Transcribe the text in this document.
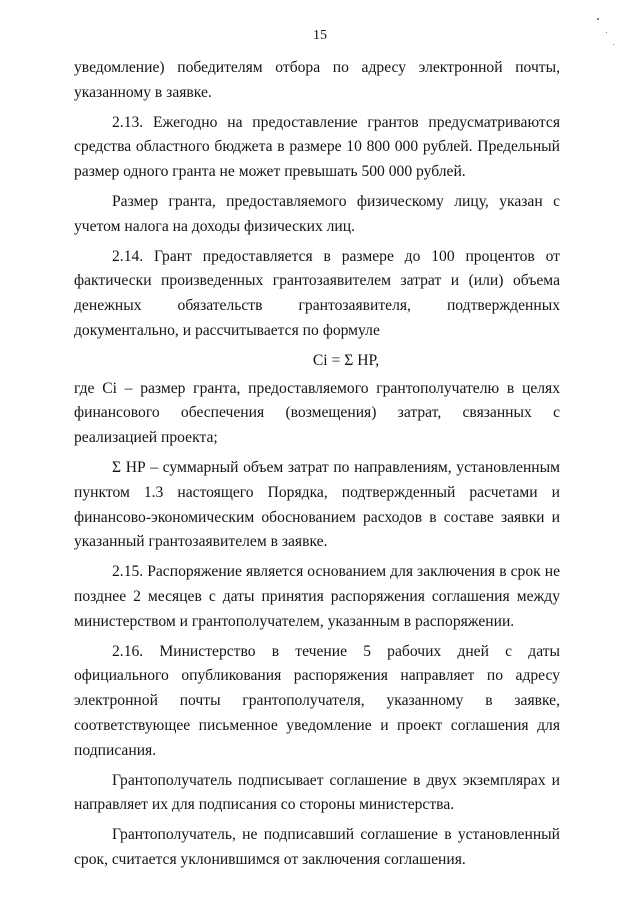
15

уведомление) победителям отбора по адресу электронной почты, указанному в заявке.

2.13. Ежегодно на предоставление грантов предусматриваются средства областного бюджета в размере 10 800 000 рублей. Предельный размер одного гранта не может превышать 500 000 рублей.

Размер гранта, предоставляемого физическому лицу, указан с учетом налога на доходы физических лиц.

2.14. Грант предоставляется в размере до 100 процентов от фактически произведенных грантозаявителем затрат и (или) объема денежных обязательств грантозаявителя, подтвержденных документально, и рассчитывается по формуле

Ci = Σ НР,

где Ci – размер гранта, предоставляемого грантополучателю в целях финансового обеспечения (возмещения) затрат, связанных с реализацией проекта;

Σ НР – суммарный объем затрат по направлениям, установленным пунктом 1.3 настоящего Порядка, подтвержденный расчетами и финансово-экономическим обоснованием расходов в составе заявки и указанный грантозаявителем в заявке.

2.15. Распоряжение является основанием для заключения в срок не позднее 2 месяцев с даты принятия распоряжения соглашения между министерством и грантополучателем, указанным в распоряжении.

2.16. Министерство в течение 5 рабочих дней с даты официального опубликования распоряжения направляет по адресу электронной почты грантополучателя, указанному в заявке, соответствующее письменное уведомление и проект соглашения для подписания.

Грантополучатель подписывает соглашение в двух экземплярах и направляет их для подписания со стороны министерства.

Грантополучатель, не подписавший соглашение в установленный срок, считается уклонившимся от заключения соглашения.
